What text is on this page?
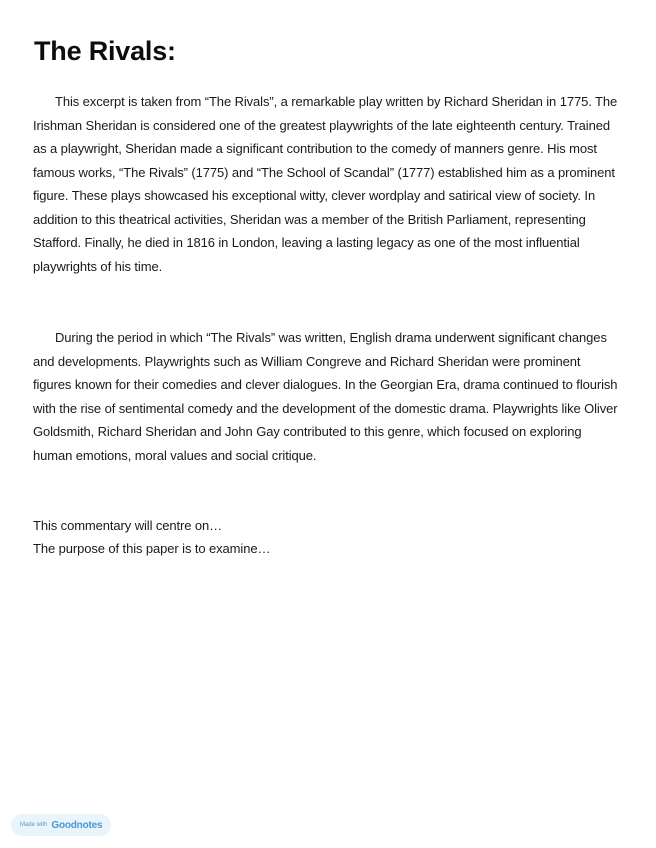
The Rivals:

This excerpt is taken from “The Rivals”, a remarkable play written by Richard Sheridan in 1775. The Irishman Sheridan is considered one of the greatest playwrights of the late eighteenth century. Trained as a playwright, Sheridan made a significant contribution to the comedy of manners genre. His most famous works, “The Rivals” (1775) and “The School of Scandal” (1777) established him as a prominent figure. These plays showcased his exceptional witty, clever wordplay and satirical view of society. In addition to this theatrical activities, Sheridan was a member of the British Parliament, representing Stafford. Finally, he died in 1816 in London, leaving a lasting legacy as one of the most influential playwrights of his time.

During the period in which “The Rivals” was written, English drama underwent significant changes and developments. Playwrights such as William Congreve and Richard Sheridan were prominent figures known for their comedies and clever dialogues. In the Georgian Era, drama continued to flourish with the rise of sentimental comedy and the development of the domestic drama. Playwrights like Oliver Goldsmith, Richard Sheridan and John Gay contributed to this genre, which focused on exploring human emotions, moral values and social critique.

This commentary will centre on…

The purpose of this paper is to examine…

Made with Goodnotes
